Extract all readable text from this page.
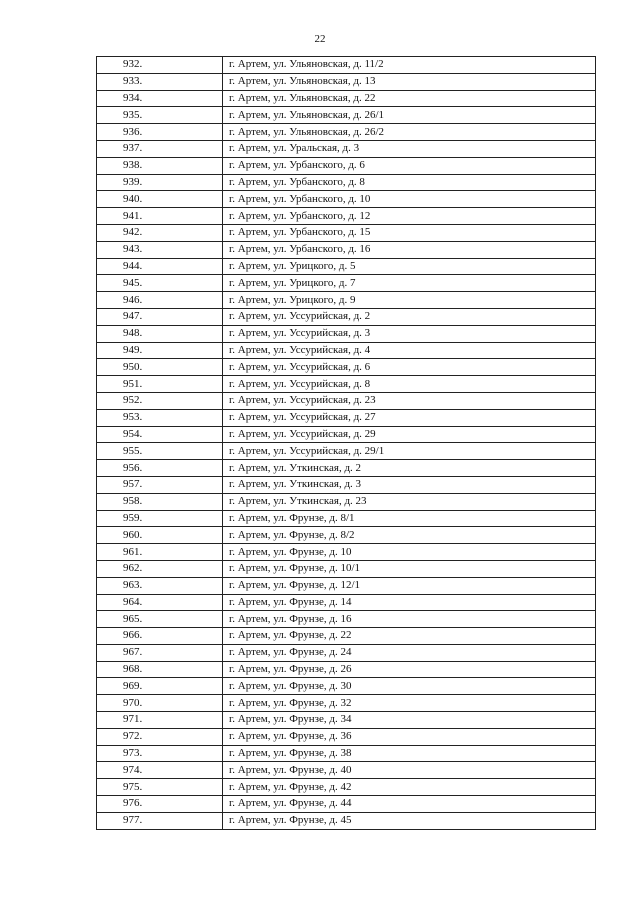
22
932.	г. Артем, ул. Ульяновская, д. 11/2
933.	г. Артем, ул. Ульяновская, д. 13
934.	г. Артем, ул. Ульяновская, д. 22
935.	г. Артем, ул. Ульяновская, д. 26/1
936.	г. Артем, ул. Ульяновская, д. 26/2
937.	г. Артем, ул. Уральская, д. 3
938.	г. Артем, ул. Урбанского, д. 6
939.	г. Артем, ул. Урбанского, д. 8
940.	г. Артем, ул. Урбанского, д. 10
941.	г. Артем, ул. Урбанского, д. 12
942.	г. Артем, ул. Урбанского, д. 15
943.	г. Артем, ул. Урбанского, д. 16
944.	г. Артем, ул. Урицкого, д. 5
945.	г. Артем, ул. Урицкого, д. 7
946.	г. Артем, ул. Урицкого, д. 9
947.	г. Артем, ул. Уссурийская, д. 2
948.	г. Артем, ул. Уссурийская, д. 3
949.	г. Артем, ул. Уссурийская, д. 4
950.	г. Артем, ул. Уссурийская, д. 6
951.	г. Артем, ул. Уссурийская, д. 8
952.	г. Артем, ул. Уссурийская, д. 23
953.	г. Артем, ул. Уссурийская, д. 27
954.	г. Артем, ул. Уссурийская, д. 29
955.	г. Артем, ул. Уссурийская, д. 29/1
956.	г. Артем, ул. Уткинская, д. 2
957.	г. Артем, ул. Уткинская, д. 3
958.	г. Артем, ул. Уткинская, д. 23
959.	г. Артем, ул. Фрунзе, д. 8/1
960.	г. Артем, ул. Фрунзе, д. 8/2
961.	г. Артем, ул. Фрунзе, д. 10
962.	г. Артем, ул. Фрунзе, д. 10/1
963.	г. Артем, ул. Фрунзе, д. 12/1
964.	г. Артем, ул. Фрунзе, д. 14
965.	г. Артем, ул. Фрунзе, д. 16
966.	г. Артем, ул. Фрунзе, д. 22
967.	г. Артем, ул. Фрунзе, д. 24
968.	г. Артем, ул. Фрунзе, д. 26
969.	г. Артем, ул. Фрунзе, д. 30
970.	г. Артем, ул. Фрунзе, д. 32
971.	г. Артем, ул. Фрунзе, д. 34
972.	г. Артем, ул. Фрунзе, д. 36
973.	г. Артем, ул. Фрунзе, д. 38
974.	г. Артем, ул. Фрунзе, д. 40
975.	г. Артем, ул. Фрунзе, д. 42
976.	г. Артем, ул. Фрунзе, д. 44
977.	г. Артем, ул. Фрунзе, д. 45
